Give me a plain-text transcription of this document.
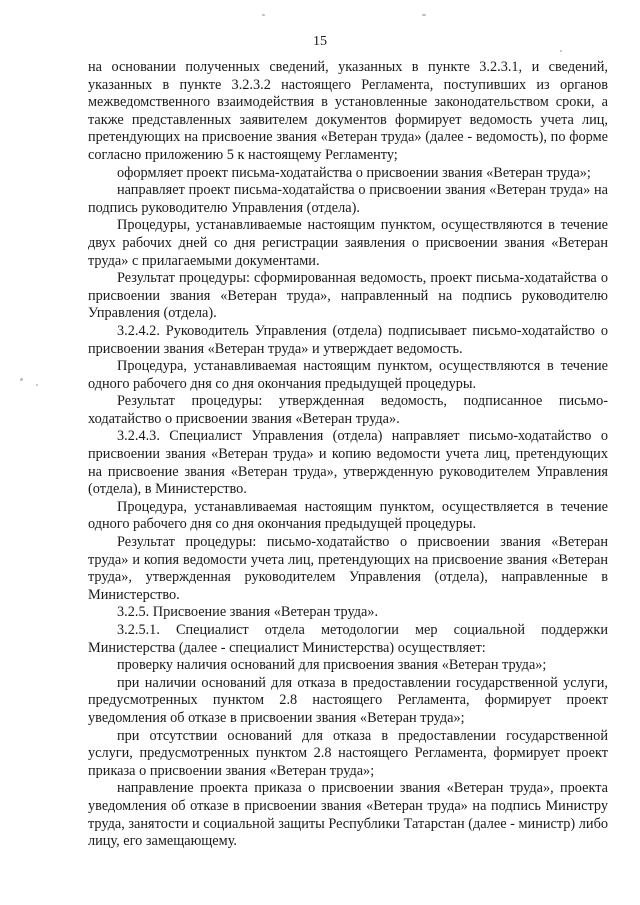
15

на основании полученных сведений, указанных в пункте 3.2.3.1, и сведений, указанных в пункте 3.2.3.2 настоящего Регламента, поступивших из органов межведомственного взаимодействия в установленные законодательством сроки, а также представленных заявителем документов формирует ведомость учета лиц, претендующих на присвоение звания «Ветеран труда» (далее - ведомость), по форме согласно приложению 5 к настоящему Регламенту;

оформляет проект письма-ходатайства о присвоении звания «Ветеран труда»;

направляет проект письма-ходатайства о присвоении звания «Ветеран труда» на подпись руководителю Управления (отдела).

Процедуры, устанавливаемые настоящим пунктом, осуществляются в течение двух рабочих дней со дня регистрации заявления о присвоении звания «Ветеран труда» с прилагаемыми документами.

Результат процедуры: сформированная ведомость, проект письма-ходатайства о присвоении звания «Ветеран труда», направленный на подпись руководителю Управления (отдела).

3.2.4.2. Руководитель Управления (отдела) подписывает письмо-ходатайство о присвоении звания «Ветеран труда» и утверждает ведомость.

Процедура, устанавливаемая настоящим пунктом, осуществляются в течение одного рабочего дня со дня окончания предыдущей процедуры.

Результат процедуры: утвержденная ведомость, подписанное письмо-ходатайство о присвоении звания «Ветеран труда».

3.2.4.3. Специалист Управления (отдела) направляет письмо-ходатайство о присвоении звания «Ветеран труда» и копию ведомости учета лиц, претендующих на присвоение звания «Ветеран труда», утвержденную руководителем Управления (отдела), в Министерство.

Процедура, устанавливаемая настоящим пунктом, осуществляется в течение одного рабочего дня со дня окончания предыдущей процедуры.

Результат процедуры: письмо-ходатайство о присвоении звания «Ветеран труда» и копия ведомости учета лиц, претендующих на присвоение звания «Ветеран труда», утвержденная руководителем Управления (отдела), направленные в Министерство.

3.2.5. Присвоение звания «Ветеран труда».

3.2.5.1. Специалист отдела методологии мер социальной поддержки Министерства (далее - специалист Министерства) осуществляет:

проверку наличия оснований для присвоения звания «Ветеран труда»;

при наличии оснований для отказа в предоставлении государственной услуги, предусмотренных пунктом 2.8 настоящего Регламента, формирует проект уведомления об отказе в присвоении звания «Ветеран труда»;

при отсутствии оснований для отказа в предоставлении государственной услуги, предусмотренных пунктом 2.8 настоящего Регламента, формирует проект приказа о присвоении звания «Ветеран труда»;

направление проекта приказа о присвоении звания «Ветеран труда», проекта уведомления об отказе в присвоении звания «Ветеран труда» на подпись Министру труда, занятости и социальной защиты Республики Татарстан (далее - министр) либо лицу, его замещающему.
